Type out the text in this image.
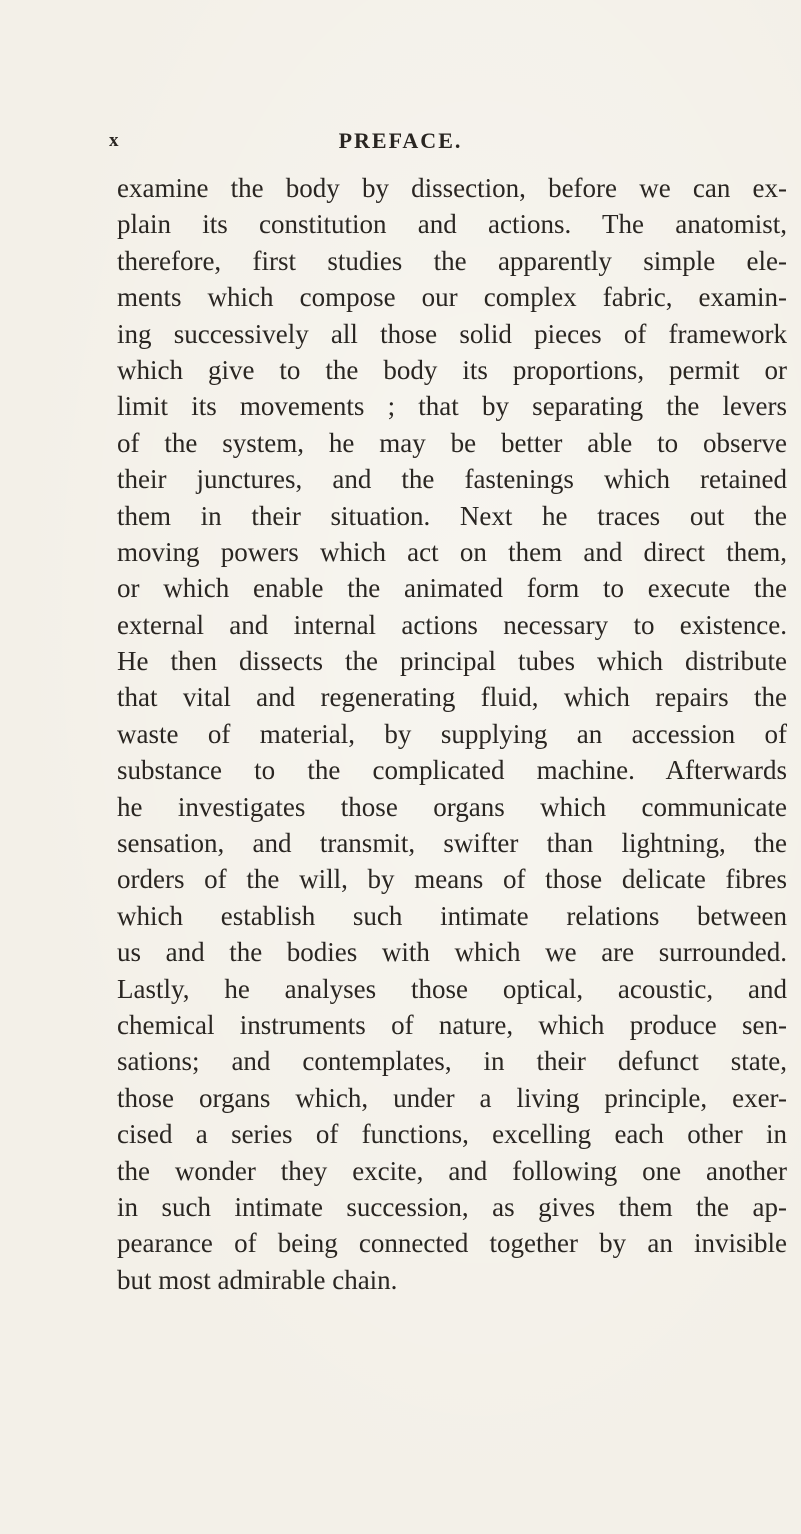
x	PREFACE.
examine the body by dissection, before we can ex-
plain its constitution and actions. The anatomist,
therefore, first studies the apparently simple ele-
ments which compose our complex fabric, examin-
ing successively all those solid pieces of framework
which give to the body its proportions, permit or
limit its movements ; that by separating the levers
of the system, he may be better able to observe
their junctures, and the fastenings which retained
them in their situation. Next he traces out the
moving powers which act on them and direct them,
or which enable the animated form to execute the
external and internal actions necessary to existence.
He then dissects the principal tubes which distribute
that vital and regenerating fluid, which repairs the
waste of material, by supplying an accession of
substance to the complicated machine. Afterwards
he investigates those organs which communicate
sensation, and transmit, swifter than lightning, the
orders of the will, by means of those delicate fibres
which establish such intimate relations between
us and the bodies with which we are surrounded.
Lastly, he analyses those optical, acoustic, and
chemical instruments of nature, which produce sen-
sations; and contemplates, in their defunct state,
those organs which, under a living principle, exer-
cised a series of functions, excelling each other in
the wonder they excite, and following one another
in such intimate succession, as gives them the ap-
pearance of being connected together by an invisible
but most admirable chain.
